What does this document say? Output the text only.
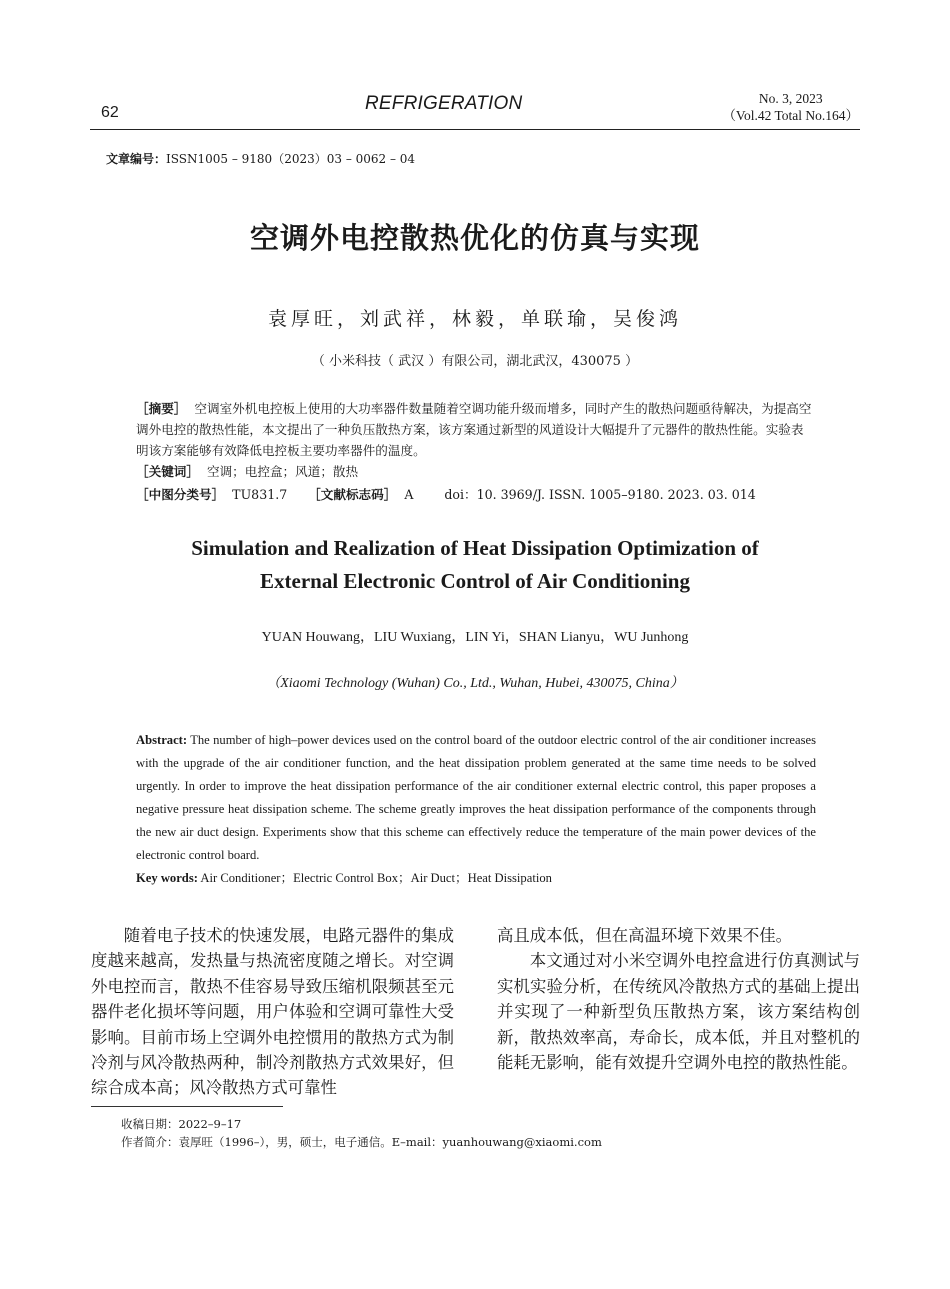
62	REFRIGERATION	No. 3, 2023
（Vol.42 Total No.164）
文章编号：ISSN1005 – 9180（2023）03 – 0062 – 04
空调外电控散热优化的仿真与实现
袁厚旺，刘武祥，林毅，单联瑜，吴俊鸿
（ 小米科技（ 武汉 ）有限公司，湖北武汉，430075 ）
［摘要］ 空调室外机电控板上使用的大功率器件数量随着空调功能升级而增多，同时产生的散热问题亟待解决，为提高空调外电控的散热性能，本文提出了一种负压散热方案，该方案通过新型的风道设计大幅提升了元器件的散热性能。实验表明该方案能够有效降低电控板主要功率器件的温度。
［关键词］ 空调；电控盒；风道；散热
［中图分类号］ TU831.7 ［文献标志码］ A doi：10. 3969/J. ISSN. 1005–9180. 2023. 03. 014
Simulation and Realization of Heat Dissipation Optimization of
External Electronic Control of Air Conditioning
YUAN Houwang，LIU Wuxiang，LIN Yi，SHAN Lianyu，WU Junhong
（Xiaomi Technology (Wuhan) Co., Ltd., Wuhan, Hubei, 430075, China）
Abstract: The number of high–power devices used on the control board of the outdoor electric control of the air conditioner increases with the upgrade of the air conditioner function, and the heat dissipation problem generated at the same time needs to be solved urgently. In order to improve the heat dissipation performance of the air conditioner external electric control, this paper proposes a negative pressure heat dissipation scheme. The scheme greatly improves the heat dissipation performance of the components through the new air duct design. Experiments show that this scheme can effectively reduce the temperature of the main power devices of the electronic control board.
Key words: Air Conditioner；Electric Control Box；Air Duct；Heat Dissipation

随着电子技术的快速发展，电路元器件的集成度越来越高，发热量与热流密度随之增长。对空调外电控而言，散热不佳容易导致压缩机限频甚至元器件老化损坏等问题，用户体验和空调可靠性大受影响。目前市场上空调外电控惯用的散热方式为制冷剂与风冷散热两种，制冷剂散热方式效果好，但综合成本高；风冷散热方式可靠性

高且成本低，但在高温环境下效果不佳。

本文通过对小米空调外电控盒进行仿真测试与实机实验分析，在传统风冷散热方式的基础上提出并实现了一种新型负压散热方案，该方案结构创新，散热效率高，寿命长，成本低，并且对整机的能耗无影响，能有效提升空调外电控的散热性能。

收稿日期：2022–9–17
作者简介：袁厚旺（1996–），男，硕士，电子通信。E–mail：yuanhouwang@xiaomi.com
